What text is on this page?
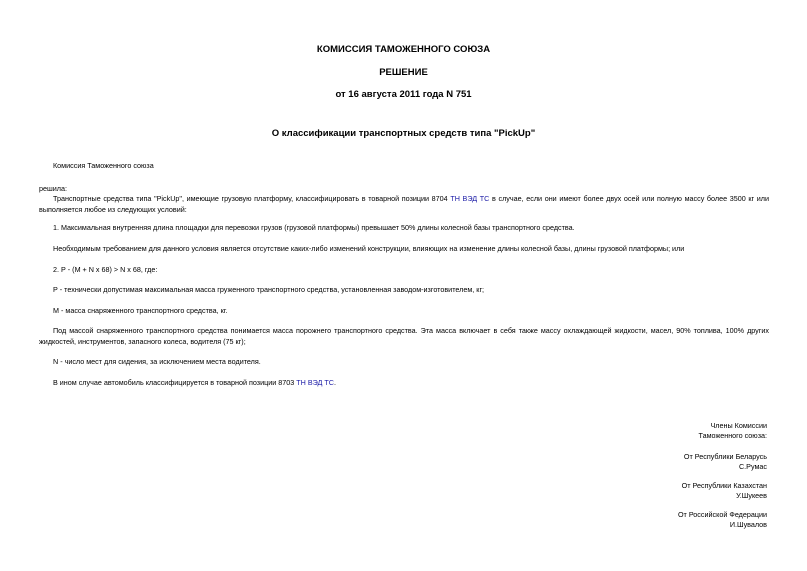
КОМИССИЯ ТАМОЖЕННОГО СОЮЗА
РЕШЕНИЕ
от 16 августа 2011 года N 751
О классификации транспортных средств типа "PickUp"
Комиссия Таможенного союза
решила:
Транспортные средства типа "PickUp", имеющие грузовую платформу, классифицировать в товарной позиции 8704 ТН ВЭД ТС в случае, если они имеют более двух осей или полную массу более 3500 кг или выполняется любое из следующих условий:
1. Максимальная внутренняя длина площадки для перевозки грузов (грузовой платформы) превышает 50% длины колесной базы транспортного средства.
Необходимым требованием для данного условия является отсутствие каких-либо изменений конструкции, влияющих на изменение длины колесной базы, длины грузовой платформы; или
2. Р - (М + N х 68) > N х 68, где:
Р - технически допустимая максимальная масса груженного транспортного средства, установленная заводом-изготовителем, кг;
М - масса снаряженного транспортного средства, кг.
Под массой снаряженного транспортного средства понимается масса порожнего транспортного средства. Эта масса включает в себя также массу охлаждающей жидкости, масел, 90% топлива, 100% других жидкостей, инструментов, запасного колеса, водителя (75 кг);
N - число мест для сидения, за исключением места водителя.
В ином случае автомобиль классифицируется в товарной позиции 8703 ТН ВЭД ТС.
Члены Комиссии
Таможенного союза:
От Республики Беларусь
С.Румас
От Республики Казахстан
У.Шукеев
От Российской Федерации
И.Шувалов
